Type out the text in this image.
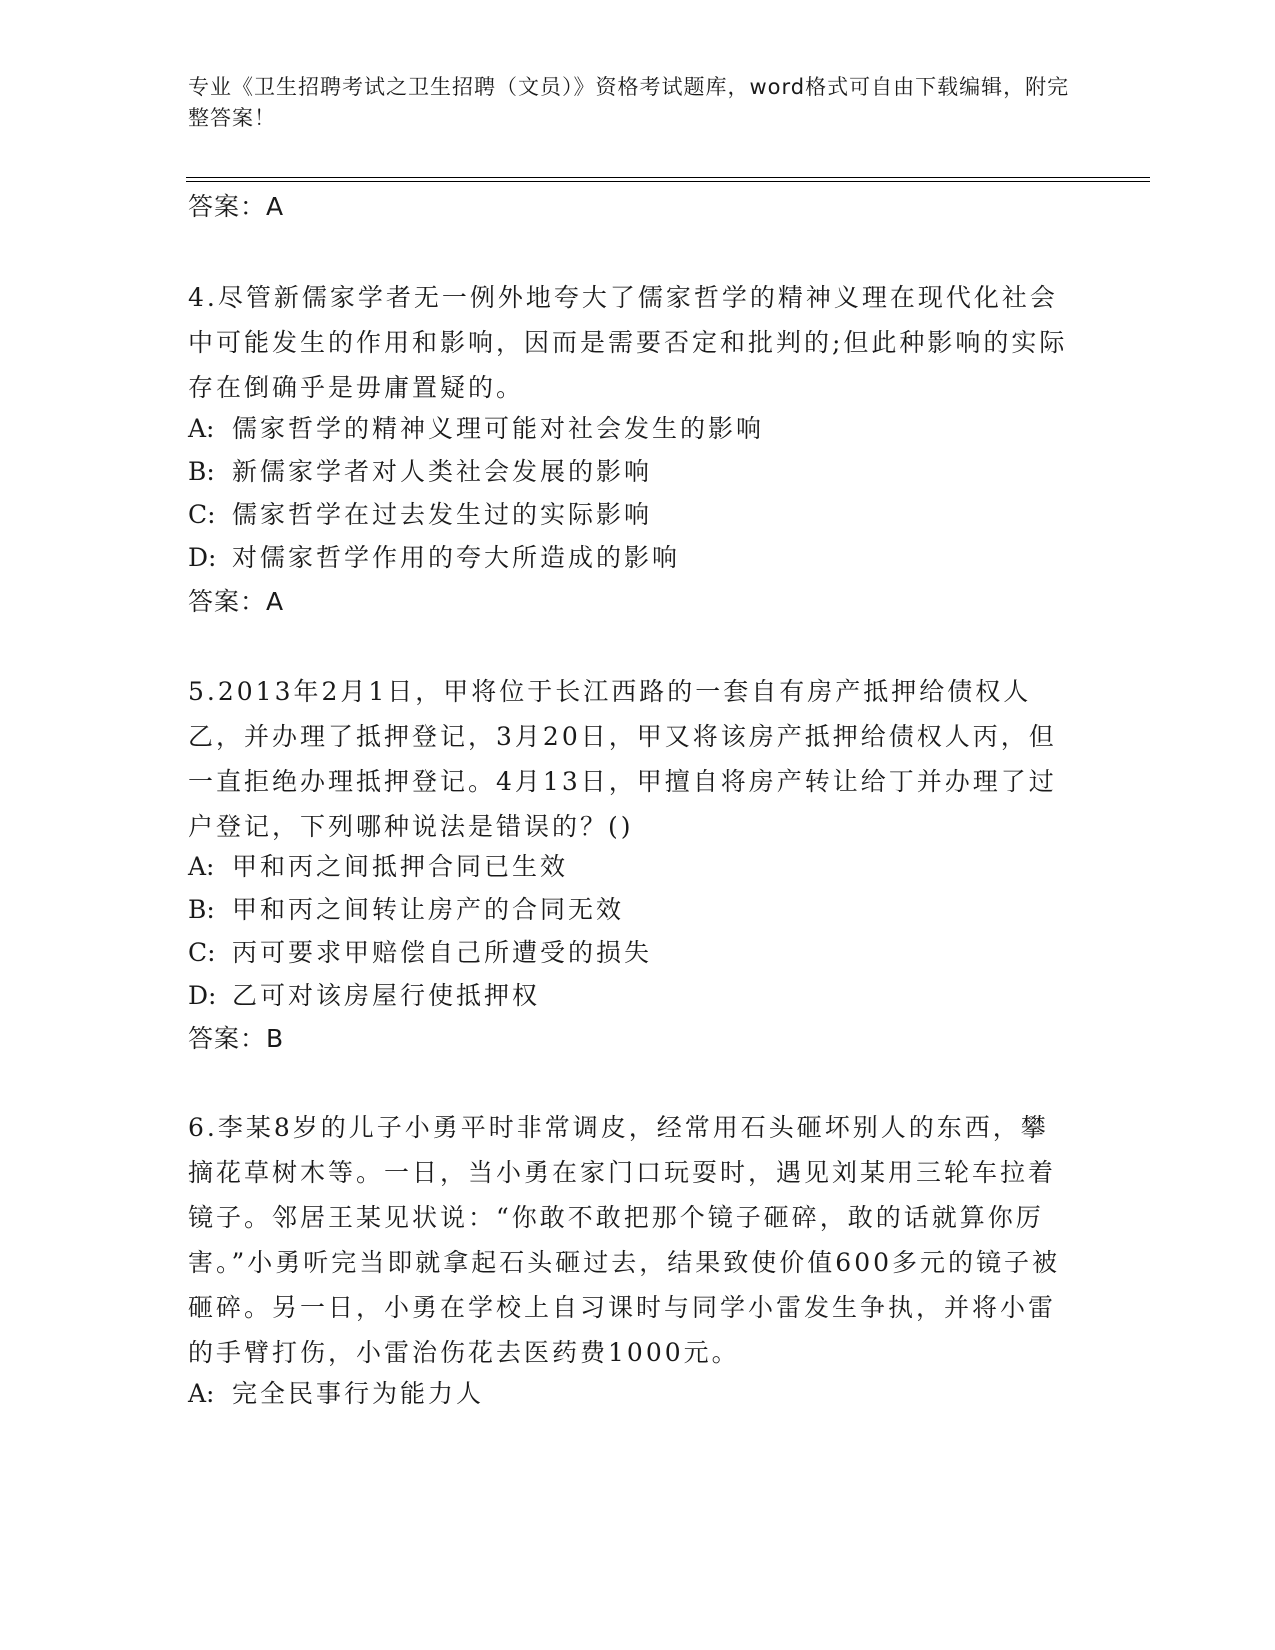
专业《卫生招聘考试之卫生招聘（文员）》资格考试题库，word格式可自由下载编辑，附完整答案！
答案：A
4.尽管新儒家学者无一例外地夸大了儒家哲学的精神义理在现代化社会中可能发生的作用和影响，因而是需要否定和批判的;但此种影响的实际存在倒确乎是毋庸置疑的。
A: 儒家哲学的精神义理可能对社会发生的影响
B: 新儒家学者对人类社会发展的影响
C: 儒家哲学在过去发生过的实际影响
D: 对儒家哲学作用的夸大所造成的影响
答案：A
5.2013年2月1日，甲将位于长江西路的一套自有房产抵押给债权人乙，并办理了抵押登记，3月20日，甲又将该房产抵押给债权人丙，但一直拒绝办理抵押登记。4月13日，甲擅自将房产转让给丁并办理了过户登记，下列哪种说法是错误的？()
A: 甲和丙之间抵押合同已生效
B: 甲和丙之间转让房产的合同无效
C: 丙可要求甲赔偿自己所遭受的损失
D: 乙可对该房屋行使抵押权
答案：B
6.李某8岁的儿子小勇平时非常调皮，经常用石头砸坏别人的东西，攀摘花草树木等。一日，当小勇在家门口玩耍时，遇见刘某用三轮车拉着镜子。邻居王某见状说：“你敢不敢把那个镜子砸碎，敢的话就算你厉害。”小勇听完当即就拿起石头砸过去，结果致使价值600多元的镜子被砸碎。另一日，小勇在学校上自习课时与同学小雷发生争执，并将小雷的手臂打伤，小雷治伤花去医药费1000元。
A: 完全民事行为能力人
